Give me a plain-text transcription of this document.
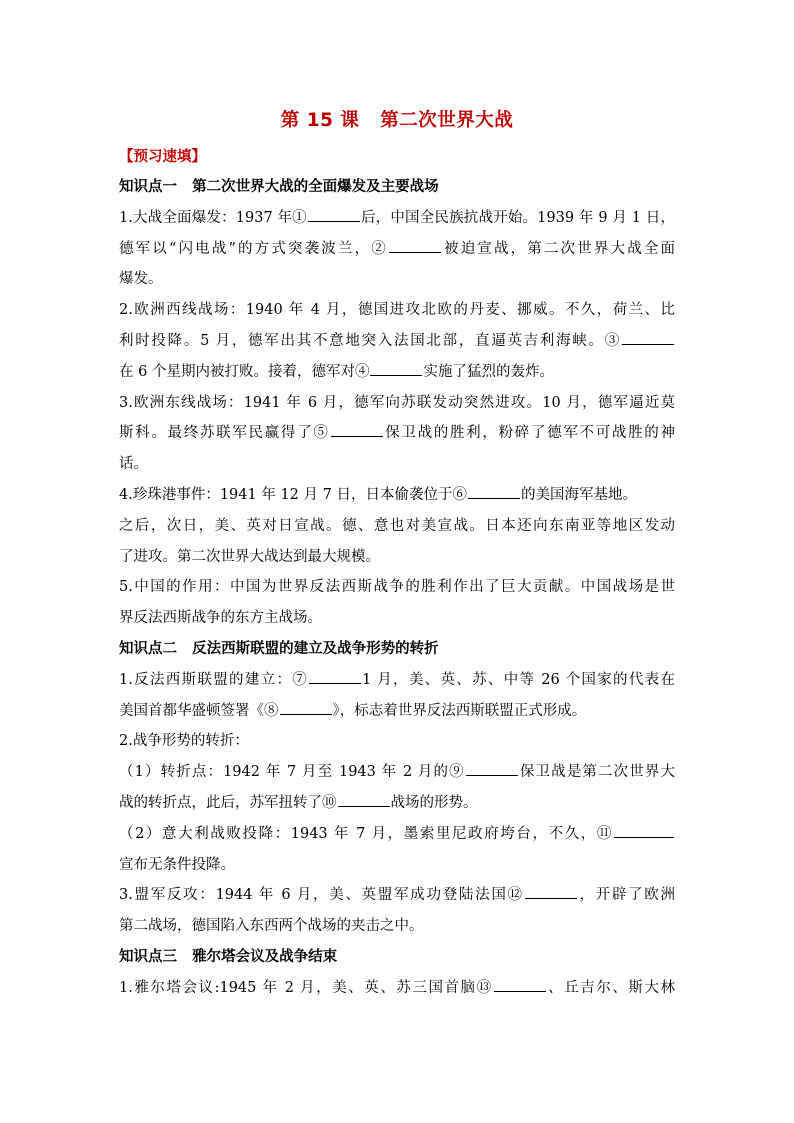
第 15 课   第二次世界大战
【预习速填】
知识点一   第二次世界大战的全面爆发及主要战场
1.大战全面爆发：1937 年①	后，中国全民族抗战开始。1939 年 9 月 1 日，
德军以“闪电战”的方式突袭波兰，②	被迫宣战，第二次世界大战全面
爆发。
2.欧洲西线战场：1940 年 4 月，德国进攻北欧的丹麦、挪威。不久，荷兰、比
利时投降。5 月，德军出其不意地突入法国北部，直逼英吉利海峡。③
在 6 个星期内被打败。接着，德军对④	实施了猛烈的轰炸。
3.欧洲东线战场：1941 年 6 月，德军向苏联发动突然进攻。10 月，德军逼近莫
斯科。最终苏联军民赢得了⑤	保卫战的胜利，粉碎了德军不可战胜的神
话。
4.珍珠港事件：1941 年 12 月 7 日，日本偷袭位于⑥	的美国海军基地。
之后，次日，美、英对日宣战。德、意也对美宣战。日本还向东南亚等地区发动
了进攻。第二次世界大战达到最大规模。
5.中国的作用：中国为世界反法西斯战争的胜利作出了巨大贡献。中国战场是世
界反法西斯战争的东方主战场。
知识点二   反法西斯联盟的建立及战争形势的转折
1.反法西斯联盟的建立：⑦	1 月，美、英、苏、中等 26 个国家的代表在
美国首都华盛顿签署《⑧	》，标志着世界反法西斯联盟正式形成。
2.战争形势的转折：
（1）转折点：1942 年 7 月至 1943 年 2 月的⑨	保卫战是第二次世界大
战的转折点，此后，苏军扭转了⑩	战场的形势。
（2）意大利战败投降：1943 年 7 月，墨索里尼政府垮台，不久，⑪
宣布无条件投降。
3.盟军反攻：1944 年 6 月，美、英盟军成功登陆法国⑫	，开辟了欧洲
第二战场，德国陷入东西两个战场的夹击之中。
知识点三   雅尔塔会议及战争结束
1.雅尔塔会议:1945 年 2 月，美、英、苏三国首脑⑬	、丘吉尔、斯大林
